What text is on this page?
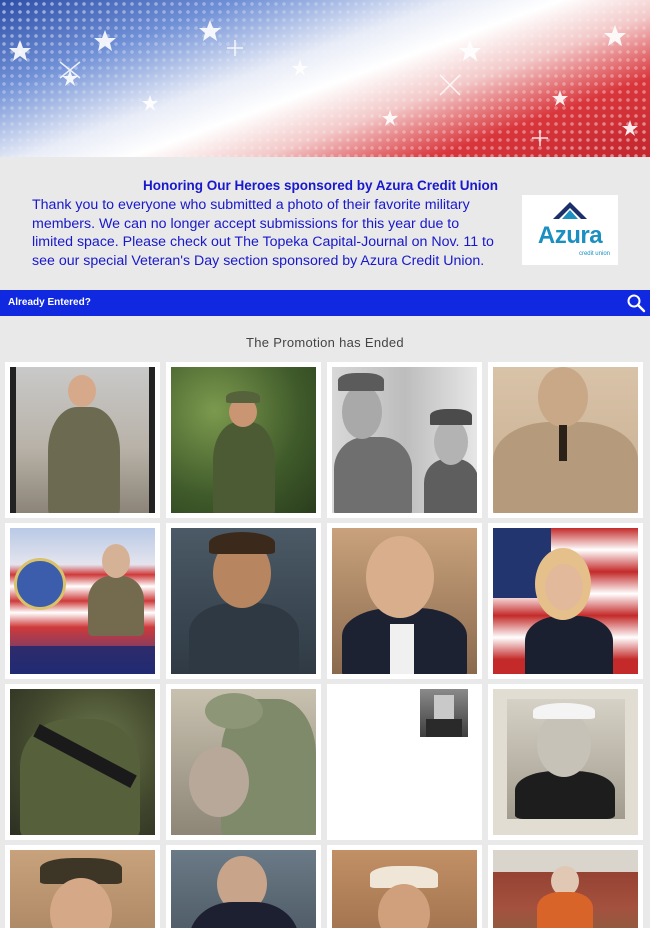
Honoring Our Heroes sponsored by Azura Credit Union
Thank you to everyone who submitted a photo of their favorite military members. We can no longer accept submissions for this year due to limited space. Please check out The Topeka Capital-Journal on Nov. 11 to see our special Veteran's Day section sponsored by Azura Credit Union.
Azura
credit union
Already Entered?
The Promotion has Ended
